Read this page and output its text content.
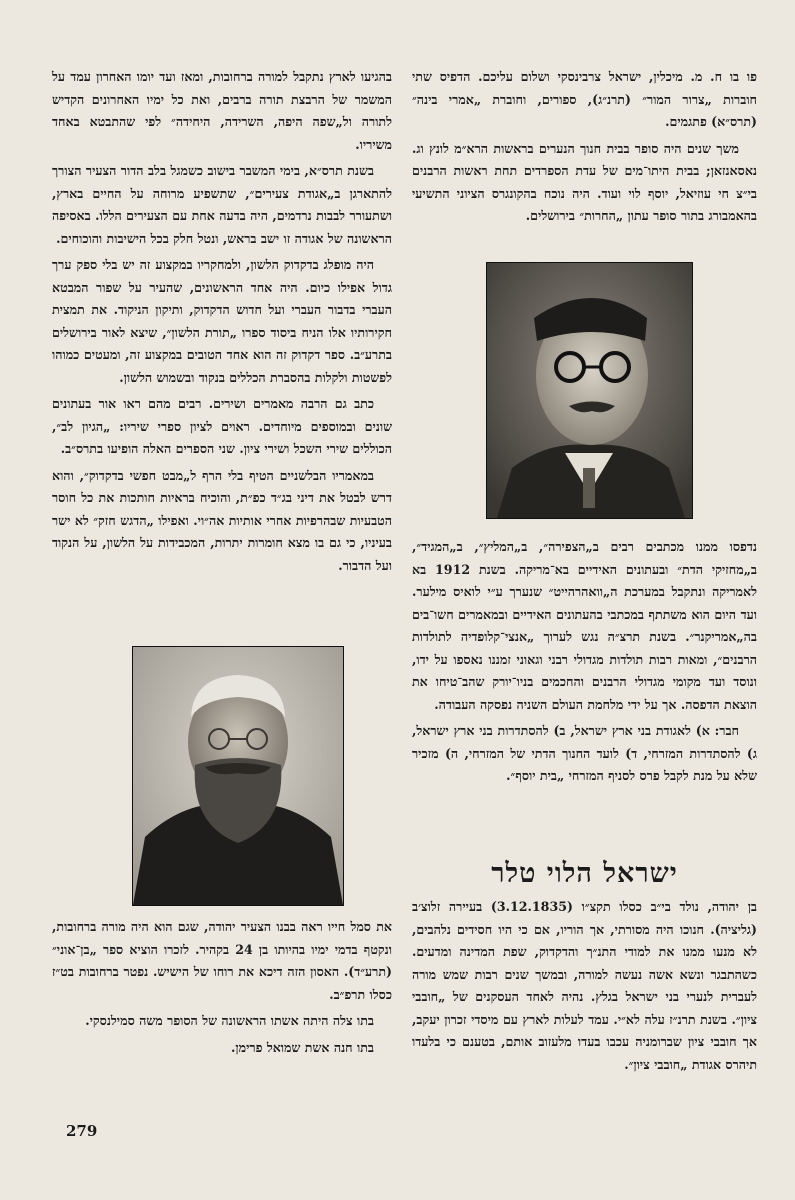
פו בו ח. מ. מיכלין, ישראל צרבינסקי ושלום עליכם. הדפיס שתי חוברות „צרור המור״ (תרנ״ג), ספורים, וחוברת „אמרי בינה״ (תרס״א) פתגמים.

משך שנים היה סופר בבית חנוך הנערים בראשות הרא״מ לונץ וג. נאסאנזאן; בבית היתו־מים של עדת הספרדים תחת ראשות הרבנים בי״צ חי עוזיאל, יוסף לוי ועוד. היה נוכח בהקונגרס הציוני התשיעי בהאמבורג בתור סופר עתון „החרות״ בירושלים.

נדפסו ממנו מכתבים רבים ב„הצפירה״, ב„המליץ״, ב„המגיד״, ב„מחזיקי הדת״ ובעתונים האידיים בא־מריקה. בשנת 1912 בא לאמריקה ונתקבל במערכת ה„וואהרהייט״ שנערך ע״י לואיס מילער. ועד היום הוא משתתף במכתבי בהעתונים האידיים ובמאמרים חשו־בים בה„אמריקנר״. בשנת תרצ״ה נגש לערוך „אנצי־קלופדיה לתולדות הרבנים״, ומאות רבות תולדות מגדולי רבני וגאוני זמננו נאספו על ידו, ונוסד ועד מקומי מגדולי הרבנים והחכמים בניו־יורק שהב־טיחו את הוצאת הדפסה. אך על ידי מלחמת העולם השניה נפסקה העבודה.

חבר: א) לאגודת בני ארץ ישראל, ב) להסתדרות בני ארץ ישראל, ג) להסתדרות המזרחי, ד) לועד החנוך הדתי של המזרחי, ה) מזכיר שלא על מנת לקבל פרס לסניף המזרחי „בית יוסף״.

ישראל הלוי טלר

בן יהודה, נולד בי״ב כסלו תקצ״ו (3.12.1835) בעיירה זלוצ׳ב (גליציה). חנוכו היה מסורתי, אך הוריו, אם כי היו חסידים נלהבים, לא מנעו ממנו את למודי התנ״ך והדקדוק, שפת המדינה ומדעים. כשהתבגר ונשא אשה נעשה למורה, ובמשך שנים רבות שמש מורה לעברית לנערי בני ישראל בגלץ. נהיה לאחד העסקנים של „חובבי ציון״. בשנת תרנ״ז עלה לא״י. עמד לעלות לארץ עם מיסדי זכרון יעקב, אך חובבי ציון שברומניה עכבו בעדו מלעזוב אותם, בטענם כי בלעדו תיהרס אגודת „חובבי ציון״.

בהגיעו לארץ נתקבל למורה ברחובות, ומאז ועד יומו האחרון עמד על המשמר של הרבצת תורה ברבים, ואת כל ימיו האחרונים הקדיש לתורה ול„שפה היפה, השרידה, היחידה״ לפי שהתבטא באחד משיריו.

בשנת תרס״א, בימי המשבר בישוב כשמגל בלב הדור הצעיר הצורך להתארגן ב„אגודת צעירים״, שתשפיע מרוחה על החיים בארץ, ושתעורר לבבות נרדמים, היה בדעה אחת עם הצעירים הללו. באסיפה הראשונה של אגודה זו ישב בראש, ונטל חלק בכל הישיבות והוכוחים.

היה מופלג בדקדוק הלשון, ולמחקריו במקצוע זה יש בלי ספק ערך גדול אפילו כיום. היה אחד הראשונים, שהעיר על שפור המבטא העברי בדבור העברי ועל חדוש הדקדוק, ותיקון הניקוד. את תמצית חקירותיו אלו הניח ביסוד ספרו „תורת הלשון״, שיצא לאור בירושלים בתרע״ב. ספר דקדוק זה הוא אחד הטובים במקצוע זה, ומעטים כמוהו לפשטות ולקלות בהסברת הכללים בנקוד ובשמוש הלשון.

כתב גם הרבה מאמרים ושירים. רבים מהם ראו אור בעתונים שונים ובמוספים מיוחדים. ראוים לציון ספרי שיריו: „הגיון לב״, הכוללים שירי השכל ושירי ציון. שני הספרים האלה הופיעו בתרס״ב.

במאמריו הבלשניים הטיף בלי הרף ל„מבט חפשי בדקדוק״, והוא דרש לבטל את דיני בג״ד כפ״ת, והוכיח בראיות חותכות את כל חוסר הטבעיות שבהרפיות אחרי אותיות אה״וי. ואפילו „הדגש חזק״ לא ישר בעיניו, כי גם בו מצא חומרות יתרות, המכבידות על הלשון, על הנקוד ועל הדבור.

את סמל חייו ראה בבנו הצעיר יהודה, שגם הוא היה מורה ברחובות, ונקטף בדמי ימיו בהיותו בן 24 בקהיר. לזכרו הוציא ספר „בן־אוני״ (תרע״ד). האסון הזה דיכא את רוחו של הישיש. נפטר ברחובות בט״ז כסלו תרפ״ב.

בתו צלה היתה אשתו הראשונה של הסופר משה סמילנסקי.

בתו חנה אשת שמואל פרימן.

279
